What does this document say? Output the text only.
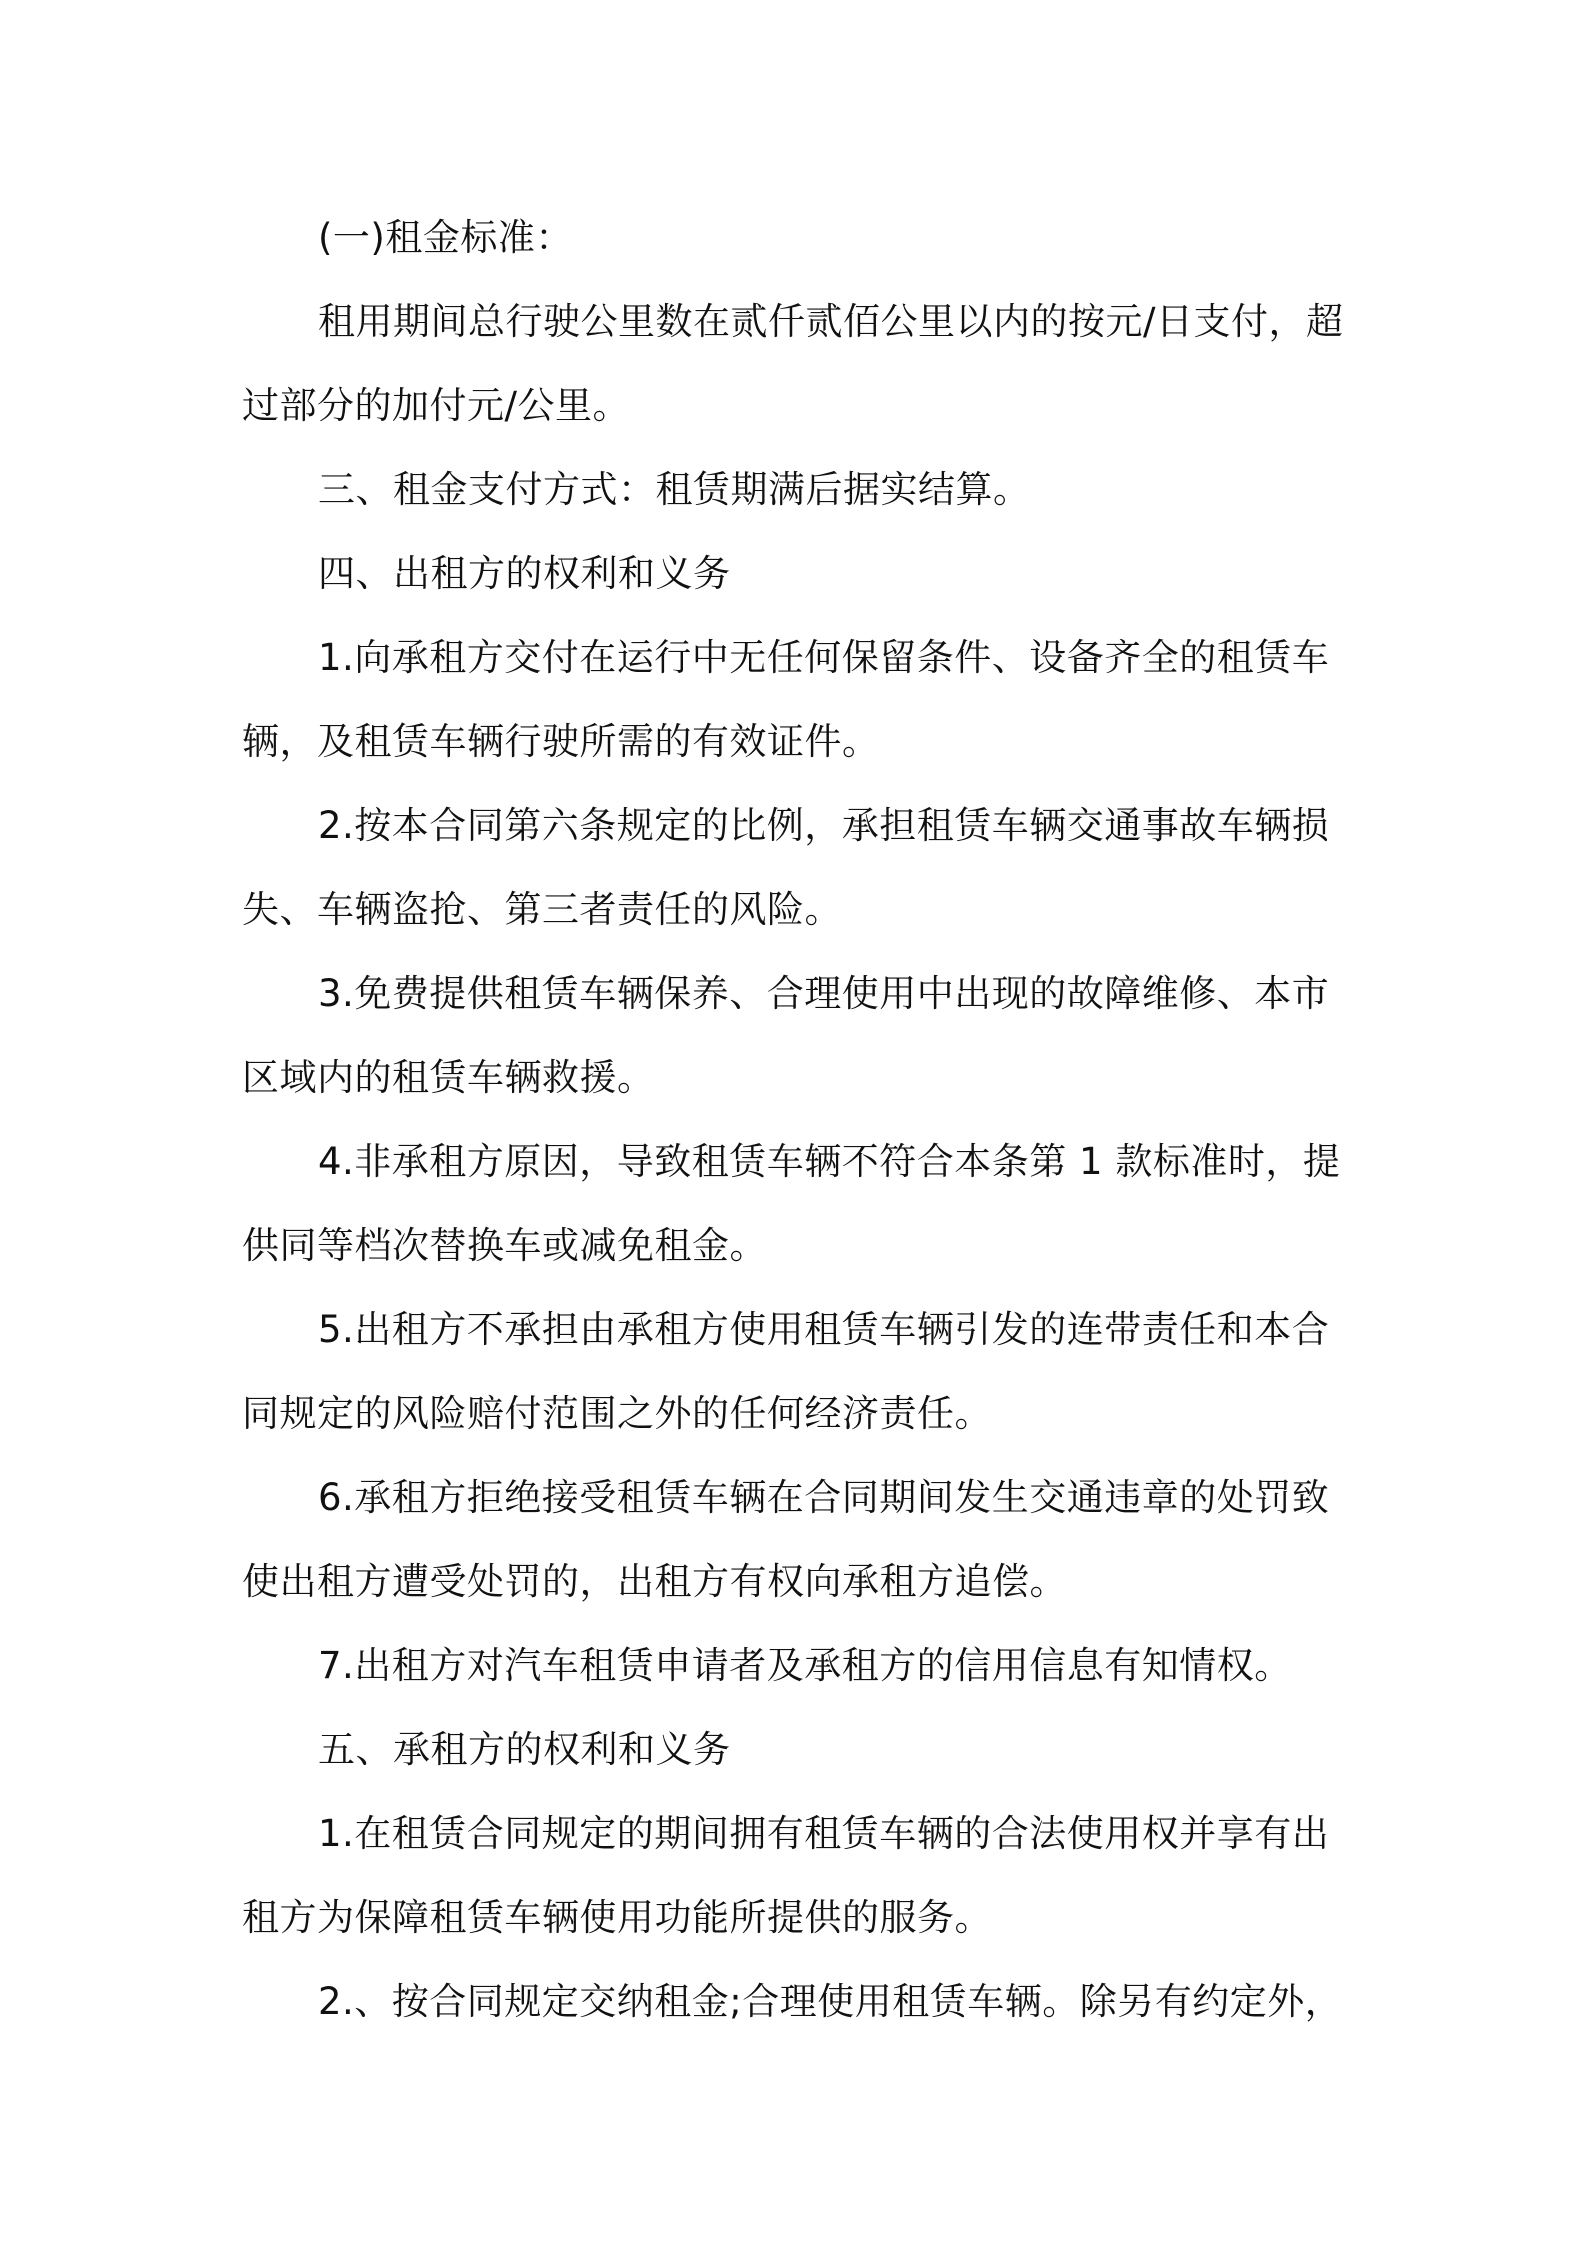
(一)租金标准：

租用期间总行驶公里数在贰仟贰佰公里以内的按元/日支付，超过部分的加付元/公里。

三、租金支付方式：租赁期满后据实结算。

四、出租方的权利和义务

1.向承租方交付在运行中无任何保留条件、设备齐全的租赁车辆，及租赁车辆行驶所需的有效证件。

2.按本合同第六条规定的比例，承担租赁车辆交通事故车辆损失、车辆盗抢、第三者责任的风险。

3.免费提供租赁车辆保养、合理使用中出现的故障维修、本市区域内的租赁车辆救援。

4.非承租方原因，导致租赁车辆不符合本条第 1 款标准时，提供同等档次替换车或减免租金。

5.出租方不承担由承租方使用租赁车辆引发的连带责任和本合同规定的风险赔付范围之外的任何经济责任。

6.承租方拒绝接受租赁车辆在合同期间发生交通违章的处罚致使出租方遭受处罚的，出租方有权向承租方追偿。

7.出租方对汽车租赁申请者及承租方的信用信息有知情权。

五、承租方的权利和义务

1.在租赁合同规定的期间拥有租赁车辆的合法使用权并享有出租方为保障租赁车辆使用功能所提供的服务。

2.、按合同规定交纳租金;合理使用租赁车辆。除另有约定外，
